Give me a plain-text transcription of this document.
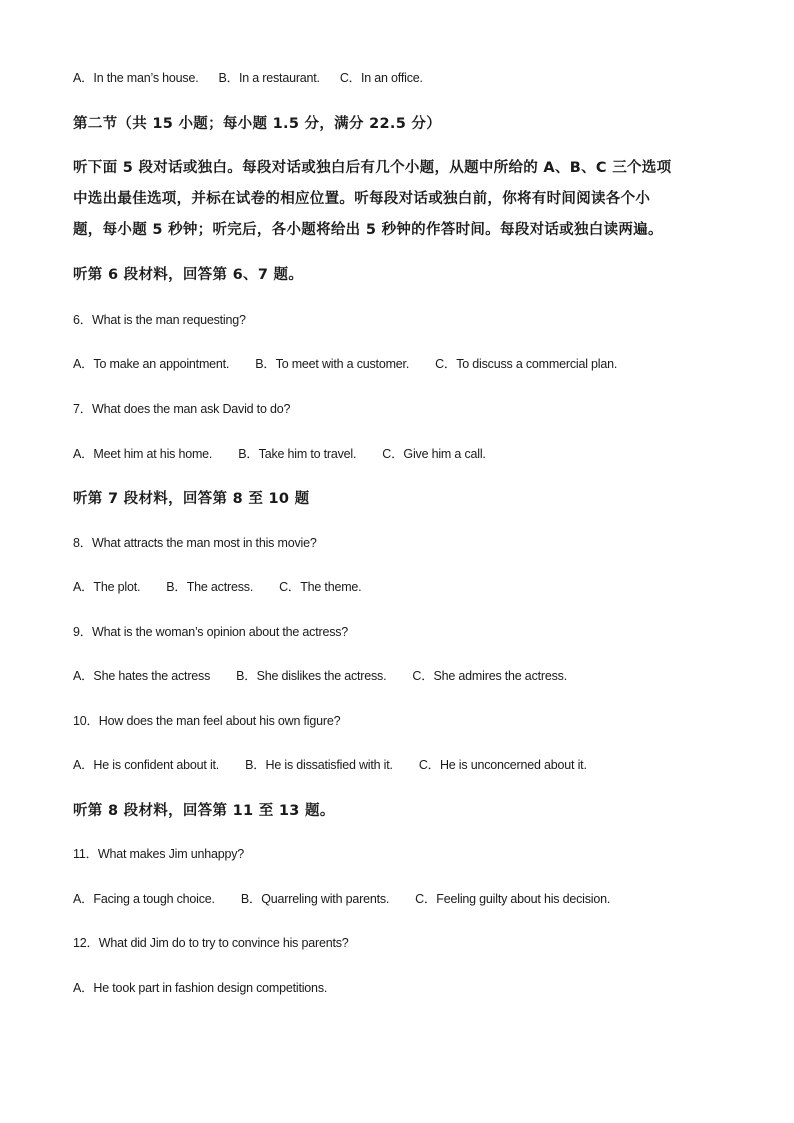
A．In the man’s house. B．In a restaurant. C．In an office.
第二节（共 15 小题；每小题 1.5 分，满分 22.5 分）
听下面 5 段对话或独白。每段对话或独白后有几个小题，从题中所给的 A、B、C 三个选项
中选出最佳选项，并标在试卷的相应位置。听每段对话或独白前，你将有时间阅读各个小
题，每小题 5 秒钟；听完后，各小题将给出 5 秒钟的作答时间。每段对话或独白读两遍。
听第 6 段材料，回答第 6、7 题。
6．What is the man requesting?
A．To make an appointment. B．To meet with a customer. C．To discuss a commercial plan.
7．What does the man ask David to do?
A．Meet him at his home. B．Take him to travel. C．Give him a call.
听第 7 段材料，回答第 8 至 10 题
8．What attracts the man most in this movie?
A．The plot. B．The actress. C．The theme.
9．What is the woman’s opinion about the actress?
A．She hates the actress B．She dislikes the actress. C．She admires the actress.
10．How does the man feel about his own figure?
A．He is confident about it. B．He is dissatisfied with it. C．He is unconcerned about it.
听第 8 段材料，回答第 11 至 13 题。
11．What makes Jim unhappy?
A．Facing a tough choice. B．Quarreling with parents. C．Feeling guilty about his decision.
12．What did Jim do to try to convince his parents?
A．He took part in fashion design competitions.
